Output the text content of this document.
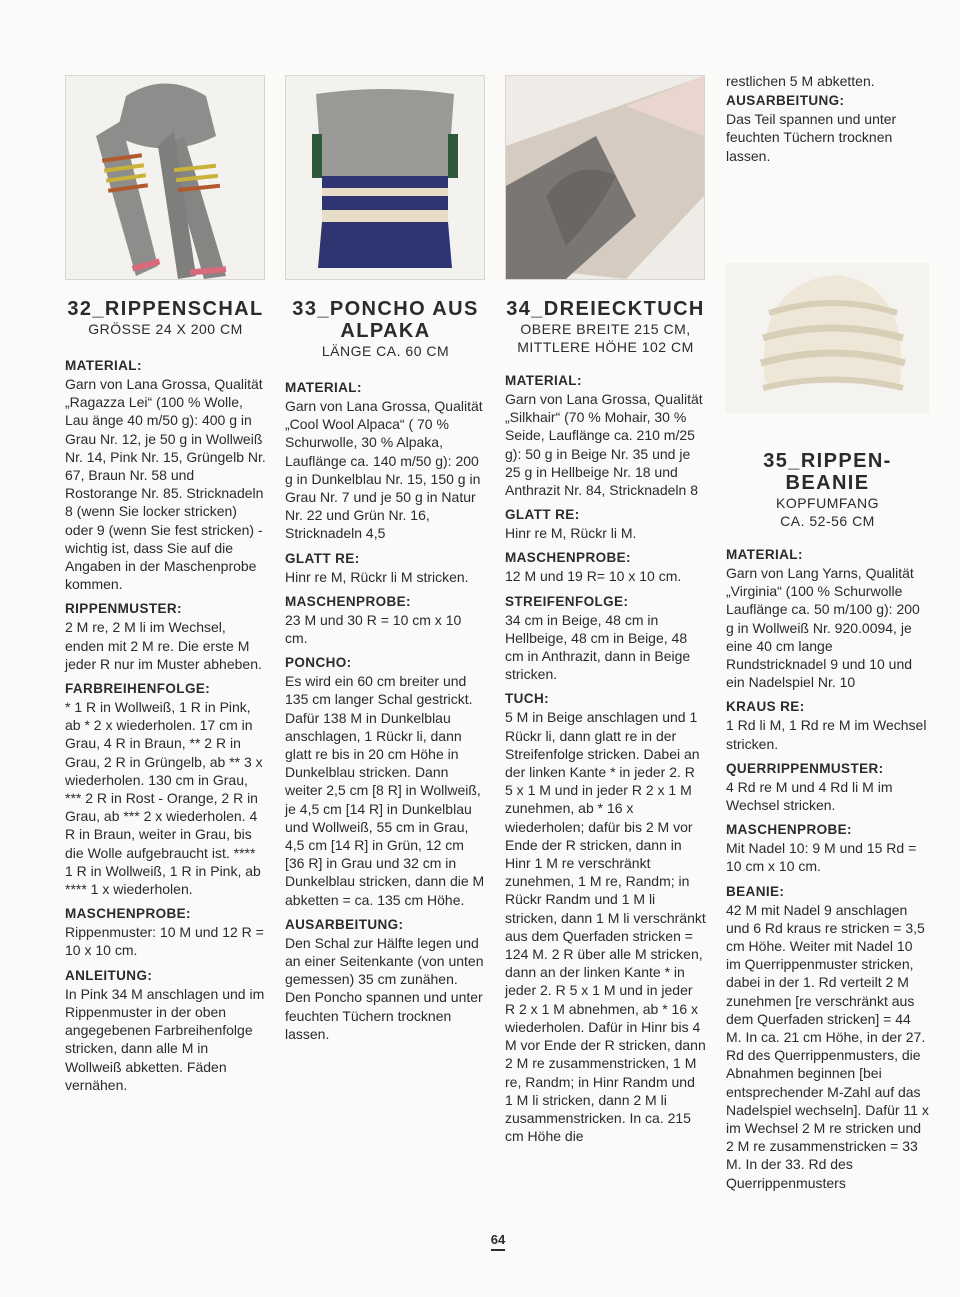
restlichen 5 M abketten.

AUSARBEITUNG:

Das Teil spannen und unter feuchten Tüchern trocknen lassen.

32_RIPPENSCHAL

GRÖSSE 24 X 200 CM

MATERIAL:

Garn von Lana Grossa, Qualität „Ragazza Lei“ (100 % Wolle, Lau änge 40 m/50 g): 400 g in Grau Nr. 12, je 50 g in Wollweiß Nr. 14, Pink Nr. 15, Grüngelb Nr. 67, Braun Nr. 58 und Rostorange Nr. 85. Stricknadeln 8 (wenn Sie locker stricken) oder 9 (wenn Sie fest stricken) - wichtig ist, dass Sie auf die Angaben in der Maschenprobe kommen.

RIPPENMUSTER:

2 M re, 2 M li im Wechsel, enden mit 2 M re. Die erste M jeder R nur im Muster abheben.

FARBREIHENFOLGE:

* 1 R in Wollweiß, 1 R in Pink, ab * 2 x wiederholen. 17 cm in Grau, 4 R in Braun, ** 2 R in Grau, 2 R in Grüngelb, ab ** 3 x wiederholen. 130 cm in Grau, *** 2 R in Rost - Orange, 2 R in Grau, ab *** 2 x wiederholen. 4 R in Braun, weiter in Grau, bis die Wolle aufgebraucht ist. **** 1 R in Wollweiß, 1 R in Pink, ab **** 1 x wiederholen.

MASCHENPROBE:

Rippenmuster: 10 M und 12 R = 10 x 10 cm.

ANLEITUNG:

In Pink 34 M anschlagen und im Rippenmuster in der oben angegebenen Farbreihenfolge stricken, dann alle M in Wollweiß abketten. Fäden vernähen.

33_PONCHO AUS

ALPAKA

LÄNGE CA. 60 CM

MATERIAL:

Garn von Lana Grossa, Qualität „Cool Wool Alpaca“ ( 70 % Schurwolle, 30 % Alpaka, Lauflänge ca. 140 m/50 g): 200 g in Dunkelblau Nr. 15, 150 g in Grau Nr. 7 und je 50 g in Natur Nr. 22 und Grün Nr. 16, Stricknadeln 4,5

GLATT RE:

Hinr re M, Rückr li M stricken.

MASCHENPROBE:

23 M und 30 R = 10 cm x 10 cm.

PONCHO:

Es wird ein 60 cm breiter und 135 cm langer Schal gestrickt. Dafür 138 M in Dunkelblau anschlagen, 1 Rückr li, dann glatt re bis in 20 cm Höhe in Dunkelblau stricken. Dann weiter 2,5 cm [8 R] in Wollweiß, je 4,5 cm [14 R] in Dunkelblau und Wollweiß, 55 cm in Grau, 4,5 cm [14 R] in Grün, 12 cm [36 R] in Grau und 32 cm in Dunkelblau stricken, dann die M abketten = ca. 135 cm Höhe.

AUSARBEITUNG:

Den Schal zur Hälfte legen und an einer Seitenkante (von unten gemessen) 35 cm zunähen. Den Poncho spannen und unter feuchten Tüchern trocknen lassen.

34_DREIECKTUCH

OBERE BREITE 215 CM,

MITTLERE HÖHE 102 CM

MATERIAL:

Garn von Lana Grossa, Qualität „Silkhair“ (70 % Mohair, 30 % Seide, Lauflänge ca. 210 m/25 g): 50 g in Beige Nr. 35 und je 25 g in Hellbeige Nr. 18 und Anthrazit Nr. 84, Stricknadeln 8

GLATT RE:

Hinr re M, Rückr li M.

MASCHENPROBE:

12 M und 19 R= 10 x 10 cm.

STREIFENFOLGE:

34 cm in Beige, 48 cm in Hellbeige, 48 cm in Beige, 48 cm in Anthrazit, dann in Beige stricken.

TUCH:

5 M in Beige anschlagen und 1 Rückr li, dann glatt re in der Streifenfolge stricken. Dabei an der linken Kante * in jeder 2. R 5 x 1 M und in jeder R 2 x 1 M zunehmen, ab * 16 x wiederholen; dafür bis 2 M vor Ende der R stricken, dann in Hinr 1 M re verschränkt zunehmen, 1 M re, Randm; in Rückr Randm und 1 M li stricken, dann 1 M li verschränkt aus dem Querfaden stricken = 124 M. 2 R über alle M stricken, dann an der linken Kante * in jeder 2. R 5 x 1 M und in jeder R 2 x 1 M abnehmen, ab * 16 x wiederholen. Dafür in Hinr bis 4 M vor Ende der R stricken, dann 2 M re zusammenstricken, 1 M re, Randm; in Hinr Randm und 1 M li stricken, dann 2 M li zusammenstricken. In ca. 215 cm Höhe die

35_RIPPEN-BEANIE

KOPFUMFANG

CA. 52-56 CM

MATERIAL:

Garn von Lang Yarns, Qualität „Virginia“ (100 % Schurwolle Lauflänge ca. 50 m/100 g): 200 g in Wollweiß Nr. 920.0094, je eine 40 cm lange Rundstricknadel 9 und 10 und ein Nadelspiel Nr. 10

KRAUS RE:

1 Rd li M, 1 Rd re M im Wechsel stricken.

QUERRIPPENMUSTER:

4 Rd re M und 4 Rd li M im Wechsel stricken.

MASCHENPROBE:

Mit Nadel 10: 9 M und 15 Rd = 10 cm x 10 cm.

BEANIE:

42 M mit Nadel 9 anschlagen und 6 Rd kraus re stricken = 3,5 cm Höhe. Weiter mit Nadel 10 im Querrippenmuster stricken, dabei in der 1. Rd verteilt 2 M zunehmen [re verschränkt aus dem Querfaden stricken] = 44 M. In ca. 21 cm Höhe, in der 27. Rd des Querrippenmusters, die Abnahmen beginnen [bei entsprechender M-Zahl auf das Nadelspiel wechseln]. Dafür 11 x im Wechsel 2 M re stricken und 2 M re zusammenstricken = 33 M. In der 33. Rd des Querrippenmusters

64
